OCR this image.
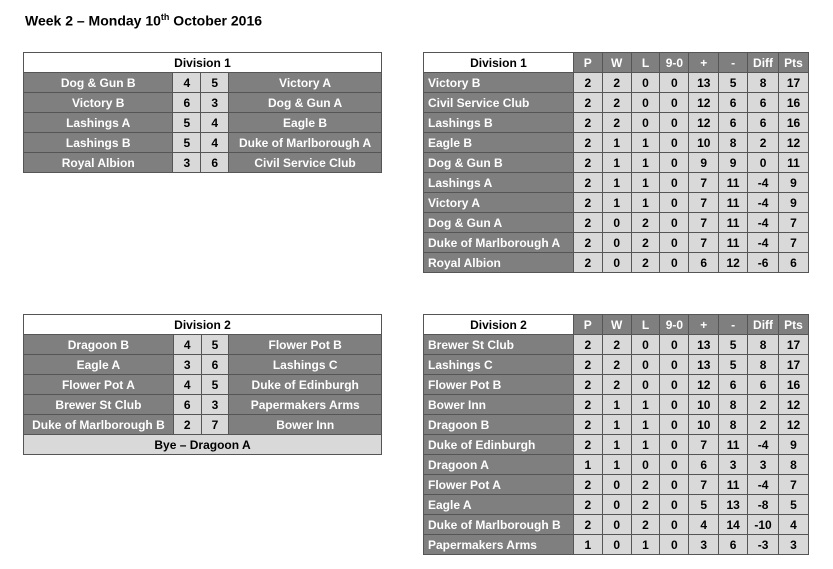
Week 2 – Monday 10th October 2016
Division 1			
Dog & Gun B	4	5	Victory A
Victory B	6	3	Dog & Gun A
Lashings A	5	4	Eagle B
Lashings B	5	4	Duke of Marlborough A
Royal Albion	3	6	Civil Service Club
Division 2			
Dragoon B	4	5	Flower Pot B
Eagle A	3	6	Lashings C
Flower Pot A	4	5	Duke of Edinburgh
Brewer St Club	6	3	Papermakers Arms
Duke of Marlborough B	2	7	Bower Inn
Bye – Dragoon A			
Division 1	P	W	L	9-0	+	-	Diff	Pts
Victory B	2	2	0	0	13	5	8	17
Civil Service Club	2	2	0	0	12	6	6	16
Lashings B	2	2	0	0	12	6	6	16
Eagle B	2	1	1	0	10	8	2	12
Dog & Gun B	2	1	1	0	9	9	0	11
Lashings A	2	1	1	0	7	11	-4	9
Victory A	2	1	1	0	7	11	-4	9
Dog & Gun A	2	0	2	0	7	11	-4	7
Duke of Marlborough A	2	0	2	0	7	11	-4	7
Royal Albion	2	0	2	0	6	12	-6	6
Division 2	P	W	L	9-0	+	-	Diff	Pts
Brewer St Club	2	2	0	0	13	5	8	17
Lashings C	2	2	0	0	13	5	8	17
Flower Pot B	2	2	0	0	12	6	6	16
Bower Inn	2	1	1	0	10	8	2	12
Dragoon B	2	1	1	0	10	8	2	12
Duke of Edinburgh	2	1	1	0	7	11	-4	9
Dragoon A	1	1	0	0	6	3	3	8
Flower Pot A	2	0	2	0	7	11	-4	7
Eagle A	2	0	2	0	5	13	-8	5
Duke of Marlborough B	2	0	2	0	4	14	-10	4
Papermakers Arms	1	0	1	0	3	6	-3	3
